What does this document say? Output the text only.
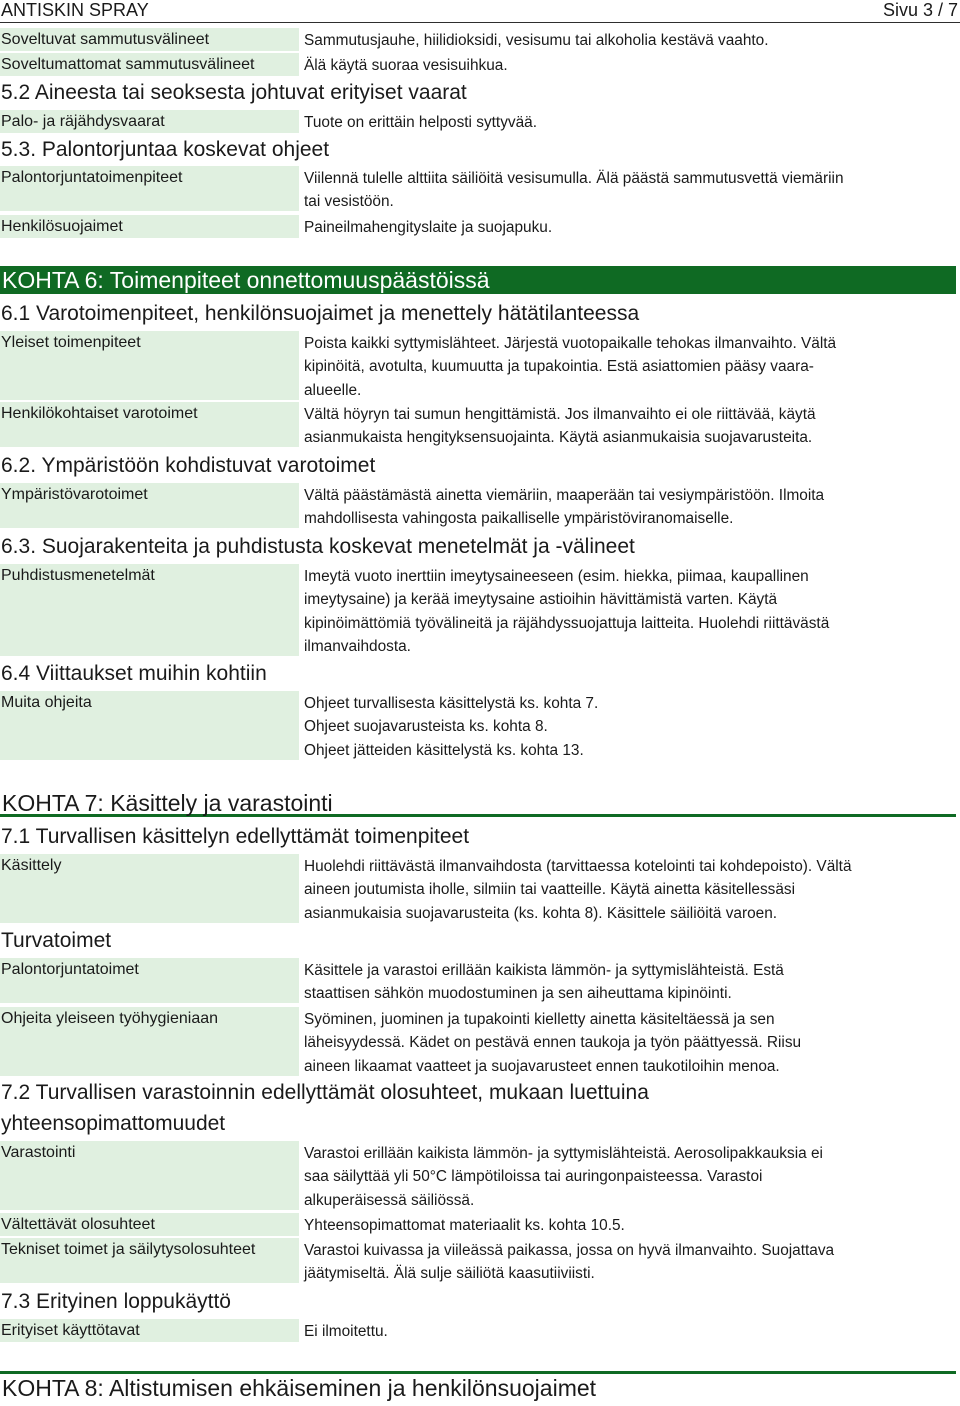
ANTISKIN SPRAY	Sivu 3 / 7
Soveltuvat sammutusvälineet	Sammutusjauhe, hiilidioksidi, vesisumu tai alkoholia kestävä vaahto.
Soveltumattomat sammutusvälineet	Älä käytä suoraa vesisuihkua.
5.2 Aineesta tai seoksesta johtuvat erityiset vaarat
Palo- ja räjähdysvaarat	Tuote on erittäin helposti syttyvää.
5.3. Palontorjuntaa koskevat ohjeet
Palontorjuntatoimenpiteet	Viilennä tulelle alttiita säiliöitä vesisumulla. Älä päästä sammutusvettä viemäriin
tai vesistöön.
Henkilösuojaimet	Paineilmahengityslaite ja suojapuku.
KOHTA 6: Toimenpiteet onnettomuuspäästöissä
6.1 Varotoimenpiteet, henkilönsuojaimet ja menettely hätätilanteessa
Yleiset toimenpiteet	Poista kaikki syttymislähteet. Järjestä vuotopaikalle tehokas ilmanvaihto. Vältä
kipinöitä, avotulta, kuumuutta ja tupakointia. Estä asiattomien pääsy vaara-
alueelle.
Henkilökohtaiset varotoimet	Vältä höyryn tai sumun hengittämistä. Jos ilmanvaihto ei ole riittävää, käytä
asianmukaista hengityksensuojainta. Käytä asianmukaisia suojavarusteita.
6.2. Ympäristöön kohdistuvat varotoimet
Ympäristövarotoimet	Vältä päästämästä ainetta viemäriin, maaperään tai vesiympäristöön. Ilmoita
mahdollisesta vahingosta paikalliselle ympäristöviranomaiselle.
6.3. Suojarakenteita ja puhdistusta koskevat menetelmät ja -välineet
Puhdistusmenetelmät	Imeytä vuoto inerttiin imeytysaineeseen (esim. hiekka, piimaa, kaupallinen
imeytysaine) ja kerää imeytysaine astioihin hävittämistä varten. Käytä
kipinöimättömiä työvälineitä ja räjähdyssuojattuja laitteita. Huolehdi riittävästä
ilmanvaihdosta.
6.4 Viittaukset muihin kohtiin
Muita ohjeita	Ohjeet turvallisesta käsittelystä ks. kohta 7.
Ohjeet suojavarusteista ks. kohta 8.
Ohjeet jätteiden käsittelystä ks. kohta 13.
KOHTA 7: Käsittely ja varastointi
7.1 Turvallisen käsittelyn edellyttämät toimenpiteet
Käsittely	Huolehdi riittävästä ilmanvaihdosta (tarvittaessa kotelointi tai kohdepoisto). Vältä
aineen joutumista iholle, silmiin tai vaatteille. Käytä ainetta käsitellessäsi
asianmukaisia suojavarusteita (ks. kohta 8). Käsittele säiliöitä varoen.
Turvatoimet
Palontorjuntatoimet	Käsittele ja varastoi erillään kaikista lämmön- ja syttymislähteistä. Estä
staattisen sähkön muodostuminen ja sen aiheuttama kipinöinti.
Ohjeita yleiseen työhygieniaan	Syöminen, juominen ja tupakointi kielletty ainetta käsiteltäessä ja sen
läheisyydessä. Kädet on pestävä ennen taukoja ja työn päättyessä. Riisu
aineen likaamat vaatteet ja suojavarusteet ennen taukotiloihin menoa.
7.2 Turvallisen varastoinnin edellyttämät olosuhteet, mukaan luettuina
yhteensopimattomuudet
Varastointi	Varastoi erillään kaikista lämmön- ja syttymislähteistä. Aerosolipakkauksia ei
saa säilyttää yli 50°C lämpötiloissa tai auringonpaisteessa. Varastoi
alkuperäisessä säiliössä.
Vältettävät olosuhteet	Yhteensopimattomat materiaalit ks. kohta 10.5.
Tekniset toimet ja säilytysolosuhteet	Varastoi kuivassa ja viileässä paikassa, jossa on hyvä ilmanvaihto. Suojattava
jäätymiseltä. Älä sulje säiliötä kaasutiiviisti.
7.3 Erityinen loppukäyttö
Erityiset käyttötavat	Ei ilmoitettu.
KOHTA 8: Altistumisen ehkäiseminen ja henkilönsuojaimet
